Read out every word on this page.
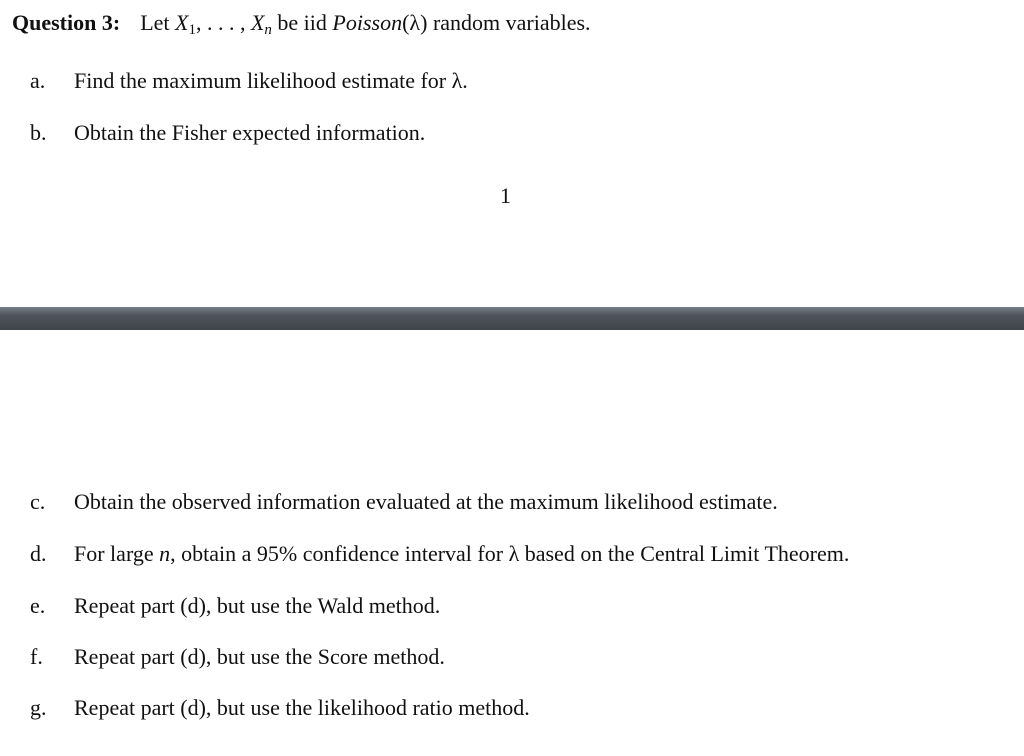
Question 3: Let $X_1$, . . . , $X_n$ be iid Poisson(λ) random variables.
a. Find the maximum likelihood estimate for λ.
b. Obtain the Fisher expected information.
1
c. Obtain the observed information evaluated at the maximum likelihood estimate.
d. For large n, obtain a 95% confidence interval for λ based on the Central Limit Theorem.
e. Repeat part (d), but use the Wald method.
f. Repeat part (d), but use the Score method.
g. Repeat part (d), but use the likelihood ratio method.
